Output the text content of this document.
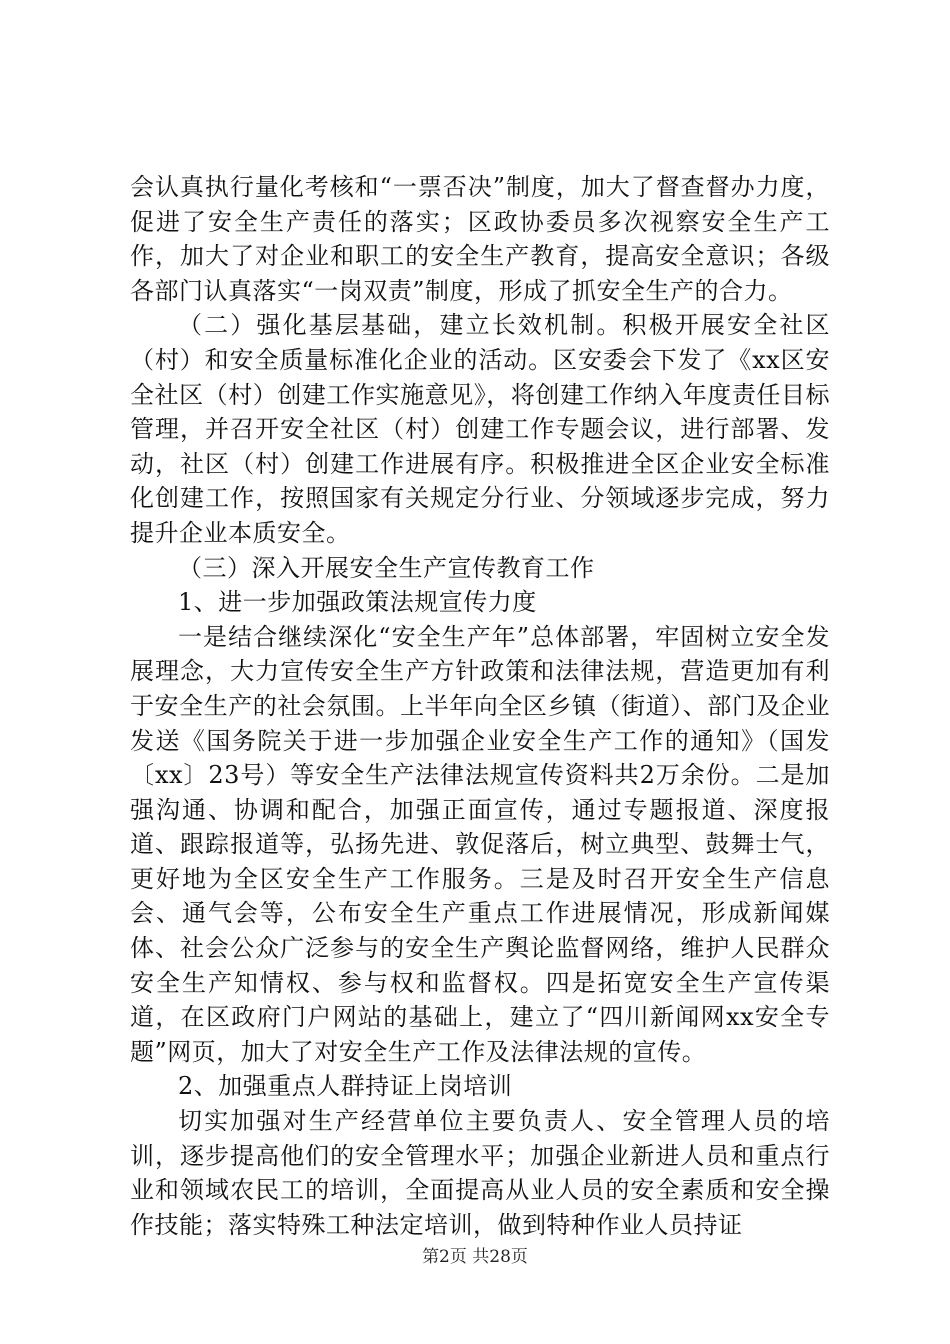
会认真执行量化考核和“一票否决”制度，加大了督查督办力度，促进了安全生产责任的落实；区政协委员多次视察安全生产工作，加大了对企业和职工的安全生产教育，提高安全意识；各级各部门认真落实“一岗双责”制度，形成了抓安全生产的合力。

（二）强化基层基础，建立长效机制。积极开展安全社区（村）和安全质量标准化企业的活动。区安委会下发了《xx区安全社区（村）创建工作实施意见》，将创建工作纳入年度责任目标管理，并召开安全社区（村）创建工作专题会议，进行部署、发动，社区（村）创建工作进展有序。积极推进全区企业安全标准化创建工作，按照国家有关规定分行业、分领域逐步完成，努力提升企业本质安全。

（三）深入开展安全生产宣传教育工作

1、进一步加强政策法规宣传力度

一是结合继续深化“安全生产年”总体部署，牢固树立安全发展理念，大力宣传安全生产方针政策和法律法规，营造更加有利于安全生产的社会氛围。上半年向全区乡镇（街道）、部门及企业发送《国务院关于进一步加强企业安全生产工作的通知》（国发〔xx〕23号）等安全生产法律法规宣传资料共2万余份。二是加强沟通、协调和配合，加强正面宣传，通过专题报道、深度报道、跟踪报道等，弘扬先进、敦促落后，树立典型、鼓舞士气，更好地为全区安全生产工作服务。三是及时召开安全生产信息会、通气会等，公布安全生产重点工作进展情况，形成新闻媒体、社会公众广泛参与的安全生产舆论监督网络，维护人民群众安全生产知情权、参与权和监督权。四是拓宽安全生产宣传渠道，在区政府门户网站的基础上，建立了“四川新闻网xx安全专题”网页，加大了对安全生产工作及法律法规的宣传。

2、加强重点人群持证上岗培训

切实加强对生产经营单位主要负责人、安全管理人员的培训，逐步提高他们的安全管理水平；加强企业新进人员和重点行业和领域农民工的培训，全面提高从业人员的安全素质和安全操作技能；落实特殊工种法定培训，做到特种作业人员持证

第2页 共28页
